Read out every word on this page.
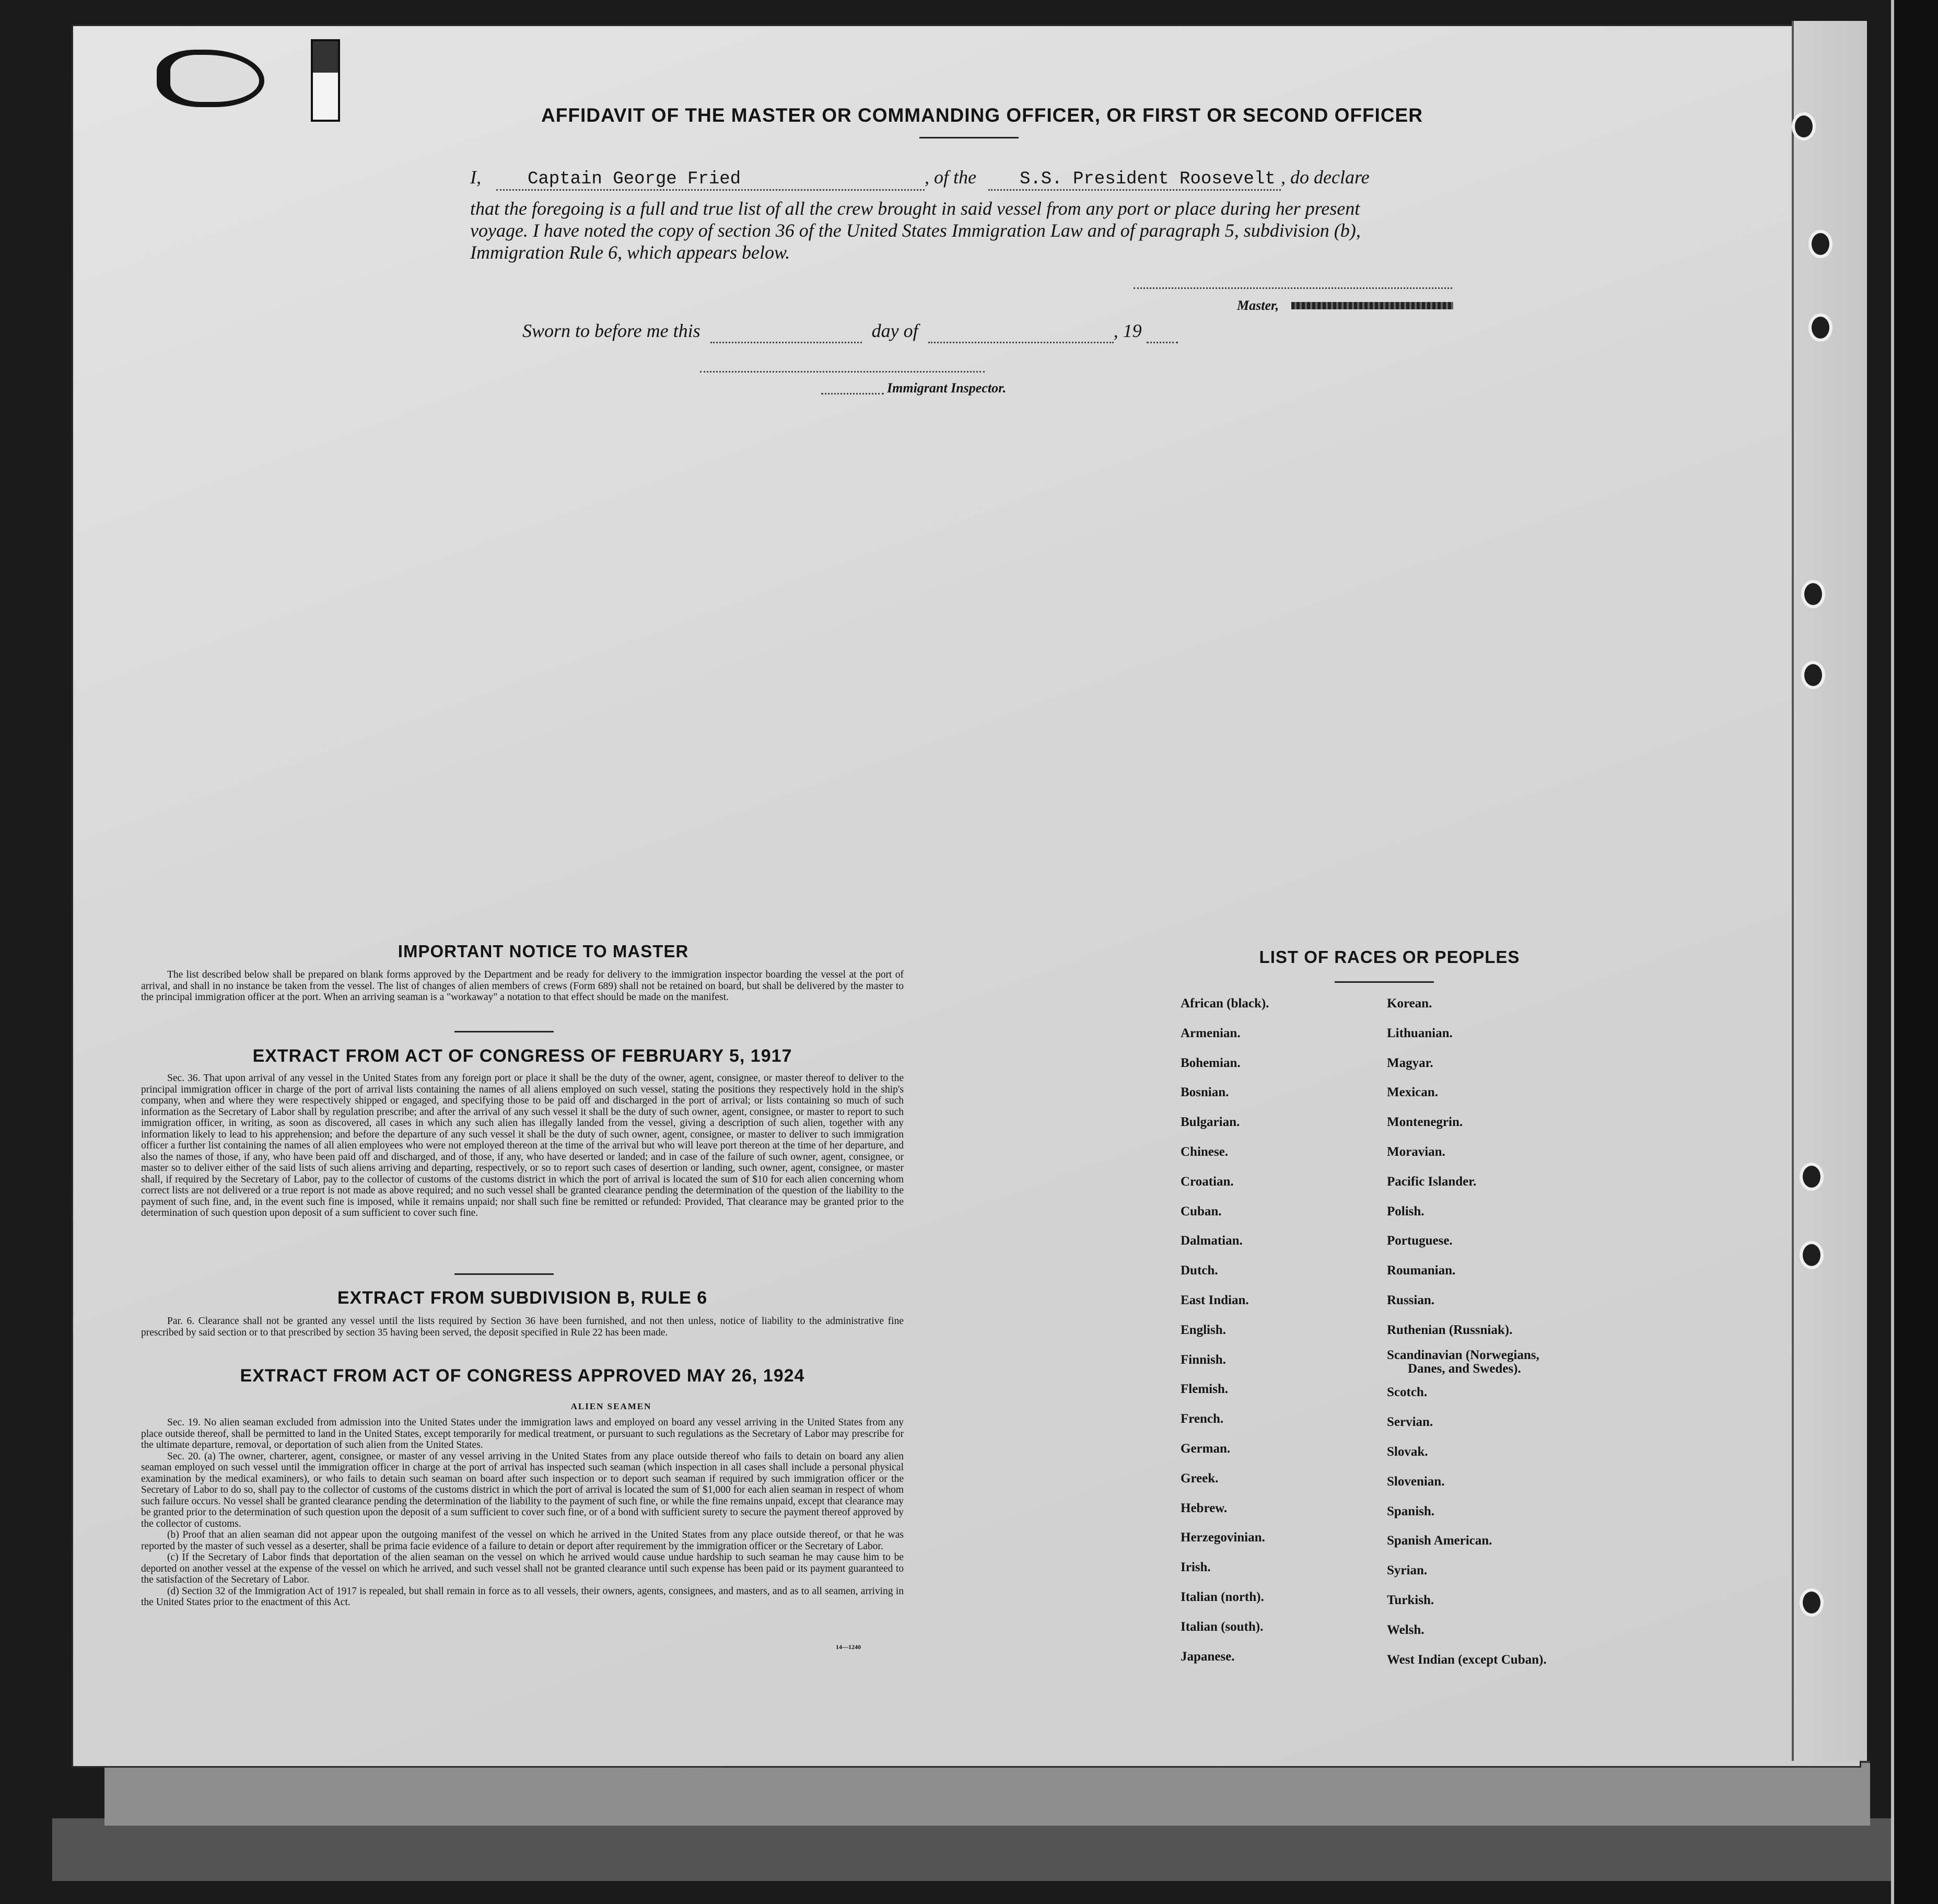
AFFIDAVIT OF THE MASTER OR COMMANDING OFFICER, OR FIRST OR SECOND OFFICER
I,	Captain George Fried	, of the S.S. President Roosevelt , do declare
that the foregoing is a full and true list of all the crew brought in said vessel from any port or place during her present
voyage. I have noted the copy of section 36 of the United States Immigration Law and of paragraph 5, subdivision (b),
Immigration Rule 6, which appears below.
Master,
Sworn to before me this	day of	, 19
Immigrant Inspector.
IMPORTANT NOTICE TO MASTER

The list described below shall be prepared on blank forms approved by the Department and be ready for delivery to the immigration inspector boarding the vessel at the port of arrival, and shall in no instance be taken from the vessel. The list of changes of alien members of crews (Form 689) shall not be retained on board, but shall be delivered by the master to the principal immigration officer at the port. When an arriving seaman is a "workaway" a notation to that effect should be made on the manifest.

EXTRACT FROM ACT OF CONGRESS OF FEBRUARY 5, 1917

Sec. 36. That upon arrival of any vessel in the United States from any foreign port or place it shall be the duty of the owner, agent, consignee, or master thereof to deliver to the principal immigration officer in charge of the port of arrival lists containing the names of all aliens employed on such vessel, stating the positions they respectively hold in the ship's company, when and where they were respectively shipped or engaged, and specifying those to be paid off and discharged in the port of arrival; or lists containing so much of such information as the Secretary of Labor shall by regulation prescribe; and after the arrival of any such vessel it shall be the duty of such owner, agent, consignee, or master to report to such immigration officer, in writing, as soon as discovered, all cases in which any such alien has illegally landed from the vessel, giving a description of such alien, together with any information likely to lead to his apprehension; and before the departure of any such vessel it shall be the duty of such owner, agent, consignee, or master to deliver to such immigration officer a further list containing the names of all alien employees who were not employed thereon at the time of the arrival but who will leave port thereon at the time of her departure, and also the names of those, if any, who have been paid off and discharged, and of those, if any, who have deserted or landed; and in case of the failure of such owner, agent, consignee, or master so to deliver either of the said lists of such aliens arriving and departing, respectively, or so to report such cases of desertion or landing, such owner, agent, consignee, or master shall, if required by the Secretary of Labor, pay to the collector of customs of the customs district in which the port of arrival is located the sum of $10 for each alien concerning whom correct lists are not delivered or a true report is not made as above required; and no such vessel shall be granted clearance pending the determination of the question of the liability to the payment of such fine, and, in the event such fine is imposed, while it remains unpaid; nor shall such fine be remitted or refunded: Provided, That clearance may be granted prior to the determination of such question upon deposit of a sum sufficient to cover such fine.

EXTRACT FROM SUBDIVISION B, RULE 6

Par. 6. Clearance shall not be granted any vessel until the lists required by Section 36 have been furnished, and not then unless, notice of liability to the administrative fine prescribed by said section or to that prescribed by section 35 having been served, the deposit specified in Rule 22 has been made.

EXTRACT FROM ACT OF CONGRESS APPROVED MAY 26, 1924
ALIEN SEAMEN

Sec. 19. No alien seaman excluded from admission into the United States under the immigration laws and employed on board any vessel arriving in the United States from any place outside thereof, shall be permitted to land in the United States, except temporarily for medical treatment, or pursuant to such regulations as the Secretary of Labor may prescribe for the ultimate departure, removal, or deportation of such alien from the United States.

Sec. 20. (a) The owner, charterer, agent, consignee, or master of any vessel arriving in the United States from any place outside thereof who fails to detain on board any alien seaman employed on such vessel until the immigration officer in charge at the port of arrival has inspected such seaman (which inspection in all cases shall include a personal physical examination by the medical examiners), or who fails to detain such seaman on board after such inspection or to deport such seaman if required by such immigration officer or the Secretary of Labor to do so, shall pay to the collector of customs of the customs district in which the port of arrival is located the sum of $1,000 for each alien seaman in respect of whom such failure occurs. No vessel shall be granted clearance pending the determination of the liability to the payment of such fine, or while the fine remains unpaid, except that clearance may be granted prior to the determination of such question upon the deposit of a sum sufficient to cover such fine, or of a bond with sufficient surety to secure the payment thereof approved by the collector of customs.

(b) Proof that an alien seaman did not appear upon the outgoing manifest of the vessel on which he arrived in the United States from any place outside thereof, or that he was reported by the master of such vessel as a deserter, shall be prima facie evidence of a failure to detain or deport after requirement by the immigration officer or the Secretary of Labor.

(c) If the Secretary of Labor finds that deportation of the alien seaman on the vessel on which he arrived would cause undue hardship to such seaman he may cause him to be deported on another vessel at the expense of the vessel on which he arrived, and such vessel shall not be granted clearance until such expense has been paid or its payment guaranteed to the satisfaction of the Secretary of Labor.

(d) Section 32 of the Immigration Act of 1917 is repealed, but shall remain in force as to all vessels, their owners, agents, consignees, and masters, and as to all seamen, arriving in the United States prior to the enactment of this Act.

14—1240
LIST OF RACES OR PEOPLES
African (black).
Armenian.
Bohemian.
Bosnian.
Bulgarian.
Chinese.
Croatian.
Cuban.
Dalmatian.
Dutch.
East Indian.
English.
Finnish.
Flemish.
French.
German.
Greek.
Hebrew.
Herzegovinian.
Irish.
Italian (north).
Italian (south).
Japanese.
Korean.
Lithuanian.
Magyar.
Mexican.
Montenegrin.
Moravian.
Pacific Islander.
Polish.
Portuguese.
Roumanian.
Russian.
Ruthenian (Russniak).
Scandinavian (Norwegians,
Danes, and Swedes).
Scotch.
Servian.
Slovak.
Slovenian.
Spanish.
Spanish American.
Syrian.
Turkish.
Welsh.
West Indian (except Cuban).
